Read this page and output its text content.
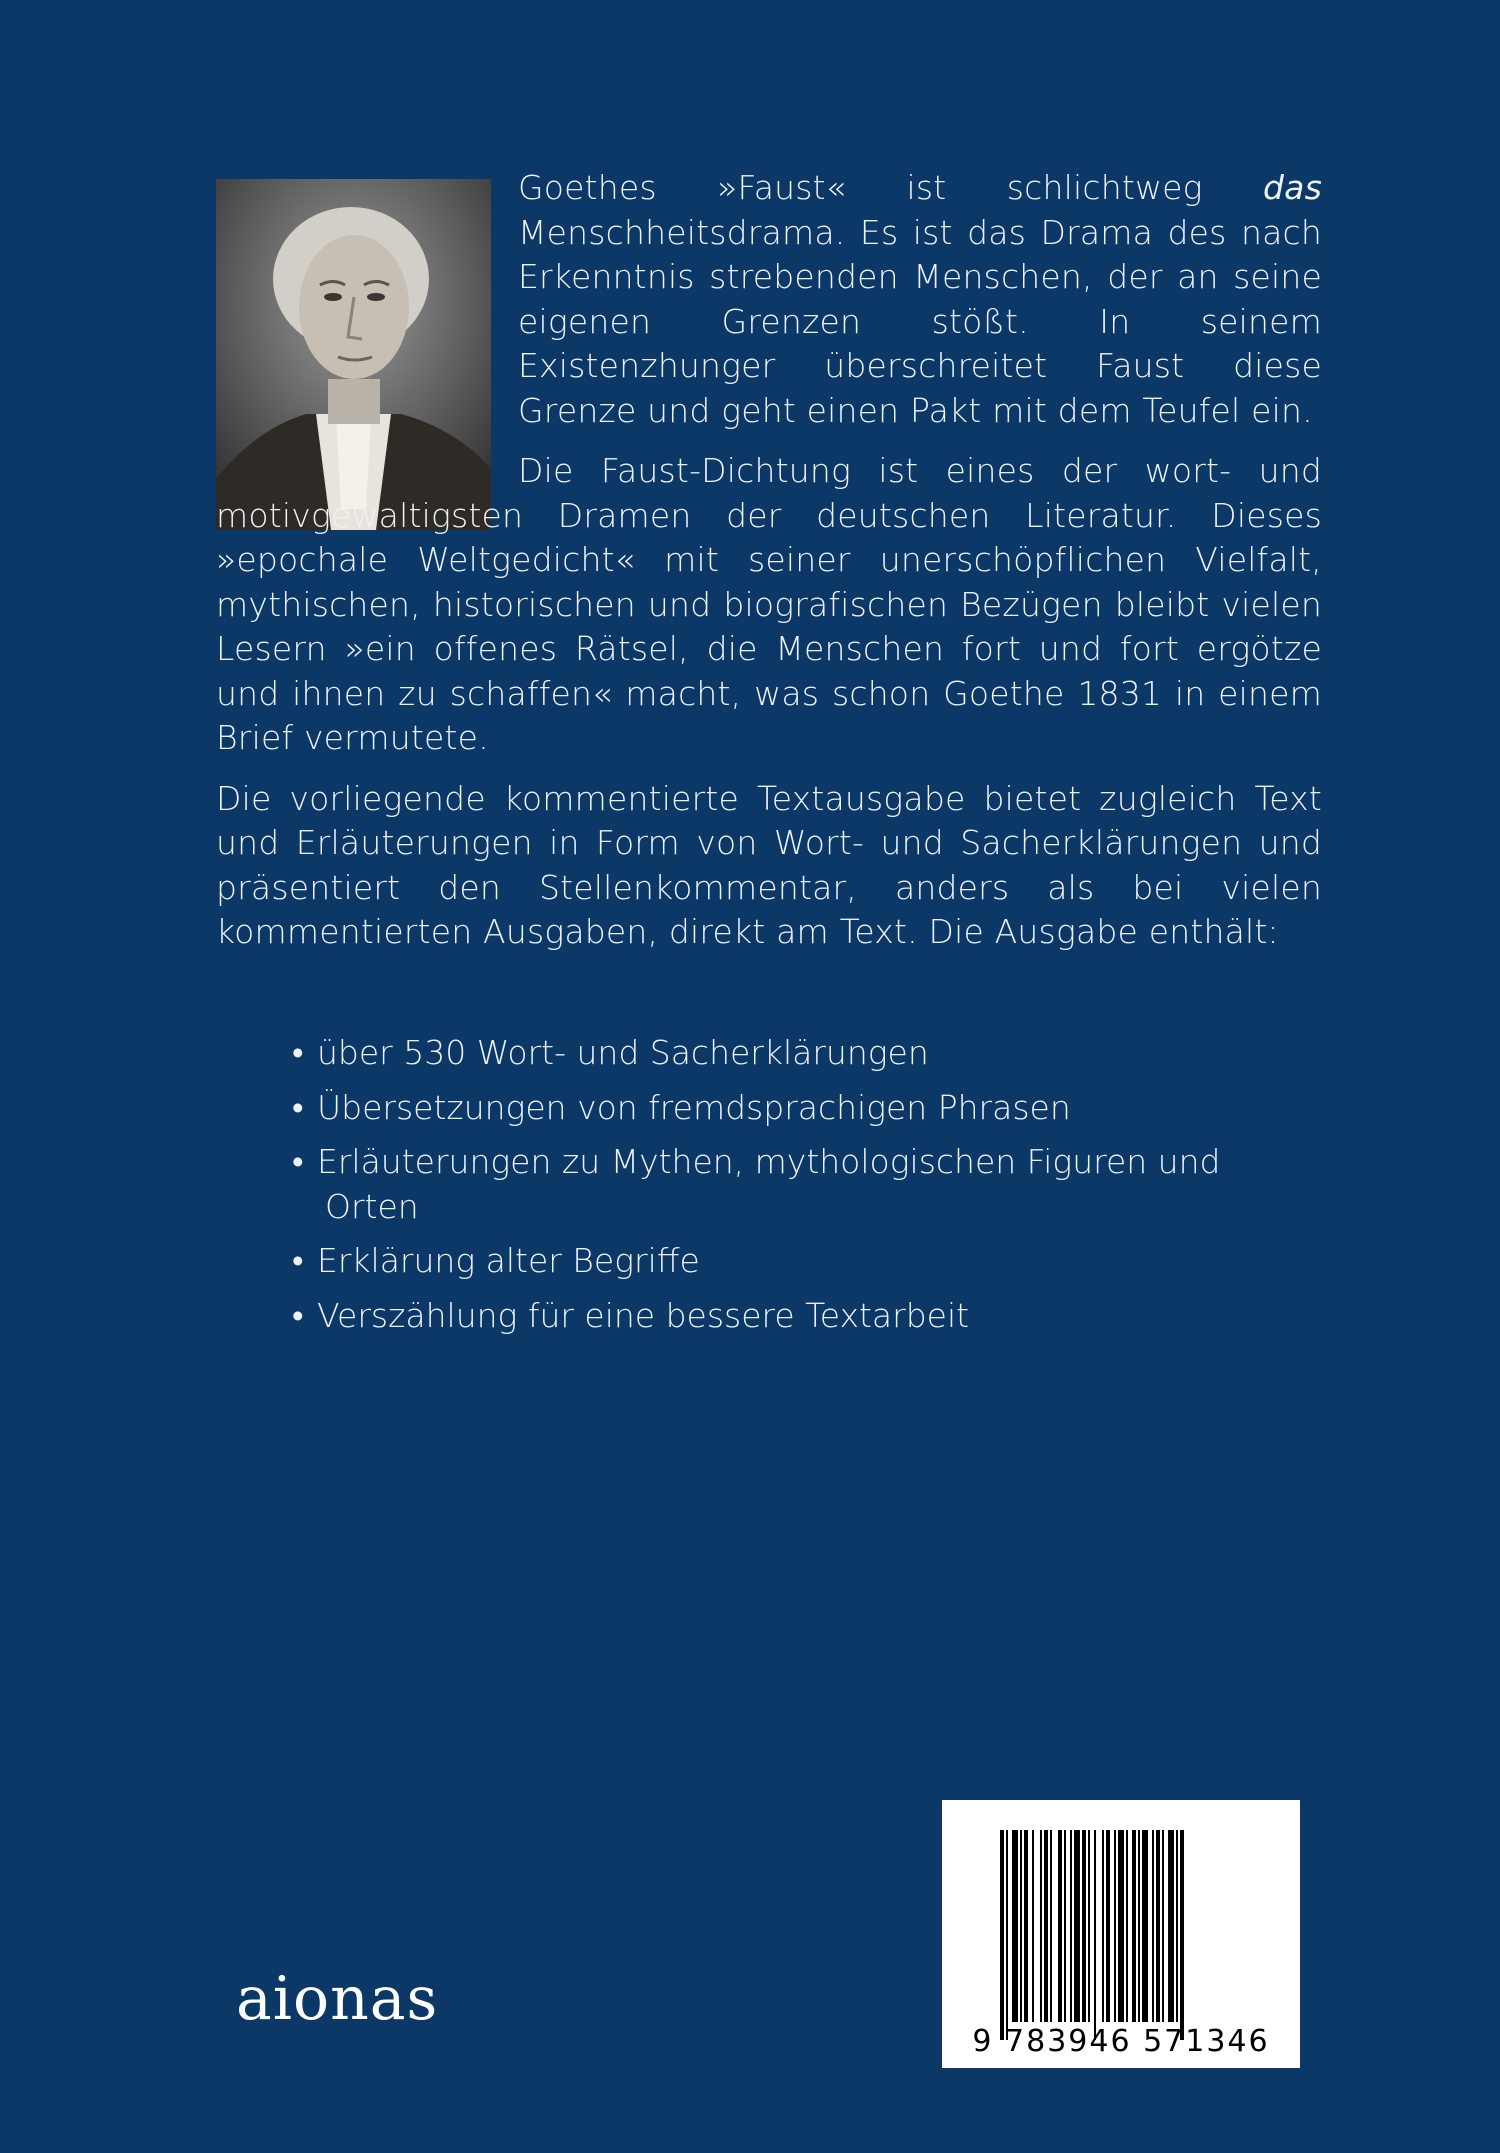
Goethes »Faust« ist schlichtweg das Menschheitsdrama. Es ist das Drama des nach Erkenntnis strebenden Menschen, der an seine eigenen Grenzen stößt. In seinem Existenzhunger überschreitet Faust diese Grenze und geht einen Pakt mit dem Teufel ein.

Die Faust-Dichtung ist eines der wort- und motivgewaltigsten Dramen der deutschen Literatur. Dieses »epochale Weltgedicht« mit seiner unerschöpflichen Vielfalt, mythischen, historischen und biografischen Bezügen bleibt vielen Lesern »ein offenes Rätsel, die Menschen fort und fort ergötze und ihnen zu schaffen« macht, was schon Goethe 1831 in einem Brief vermutete.

Die vorliegende kommentierte Textausgabe bietet zugleich Text und Erläuterungen in Form von Wort- und Sacherklärungen und präsentiert den Stellenkommentar, anders als bei vielen kommentierten Ausgaben, direkt am Text. Die Ausgabe enthält:

• über 530 Wort- und Sacherklärungen
• Übersetzungen von fremdsprachigen Phrasen
• Erläuterungen zu Mythen, mythologischen Figuren und
Orten
• Erklärung alter Begriffe
• Verszählung für eine bessere Textarbeit
9 783946 571346
aionas
